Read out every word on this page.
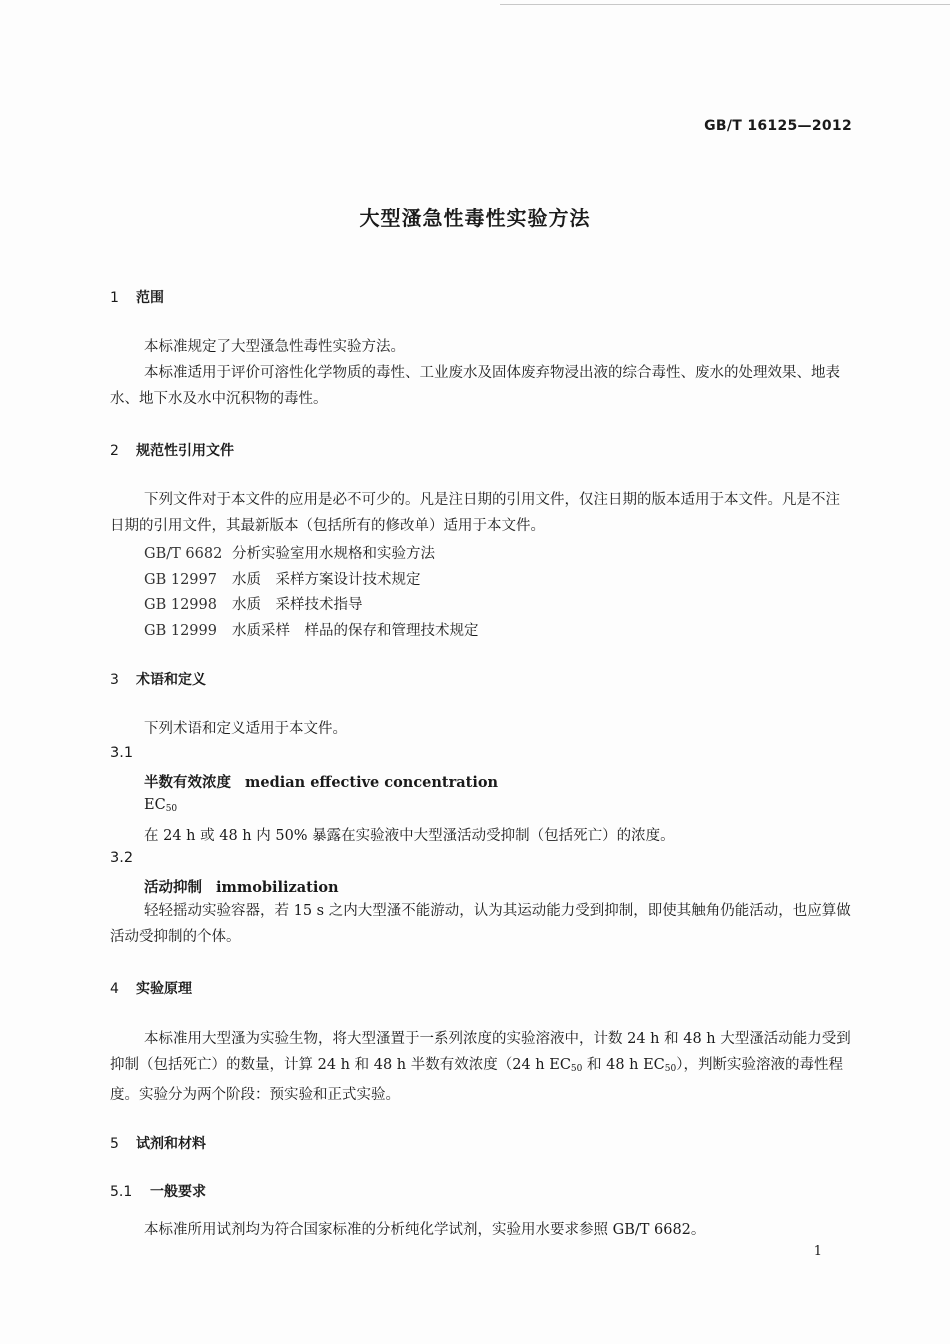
GB/T 16125—2012
大型溞急性毒性实验方法
1 范围

本标准规定了大型溞急性毒性实验方法。

本标准适用于评价可溶性化学物质的毒性、工业废水及固体废弃物浸出液的综合毒性、废水的处理效果、地表水、地下水及水中沉积物的毒性。

2 规范性引用文件

下列文件对于本文件的应用是必不可少的。凡是注日期的引用文件，仅注日期的版本适用于本文件。凡是不注日期的引用文件，其最新版本（包括所有的修改单）适用于本文件。

GB/T 6682 分析实验室用水规格和实验方法
GB 12997 水质　采样方案设计技术规定
GB 12998 水质　采样技术指导
GB 12999 水质采样　样品的保存和管理技术规定
3 术语和定义

下列术语和定义适用于本文件。

3.1
半数有效浓度 median effective concentration
$EC_{50}$
在 24 h 或 48 h 内 50% 暴露在实验液中大型溞活动受抑制（包括死亡）的浓度。
3.2
活动抑制 immobilization

轻轻摇动实验容器，若 15 s 之内大型溞不能游动，认为其运动能力受到抑制，即使其触角仍能活动，也应算做活动受抑制的个体。

4 实验原理

本标准用大型溞为实验生物，将大型溞置于一系列浓度的实验溶液中，计数 24 h 和 48 h 大型溞活动能力受到抑制（包括死亡）的数量，计算 24 h 和 48 h 半数有效浓度（24 h $EC_{50}$ 和 48 h $EC_{50}$），判断实验溶液的毒性程度。实验分为两个阶段：预实验和正式实验。

5 试剂和材料
5.1 一般要求

本标准所用试剂均为符合国家标准的分析纯化学试剂，实验用水要求参照 GB/T 6682。

1
